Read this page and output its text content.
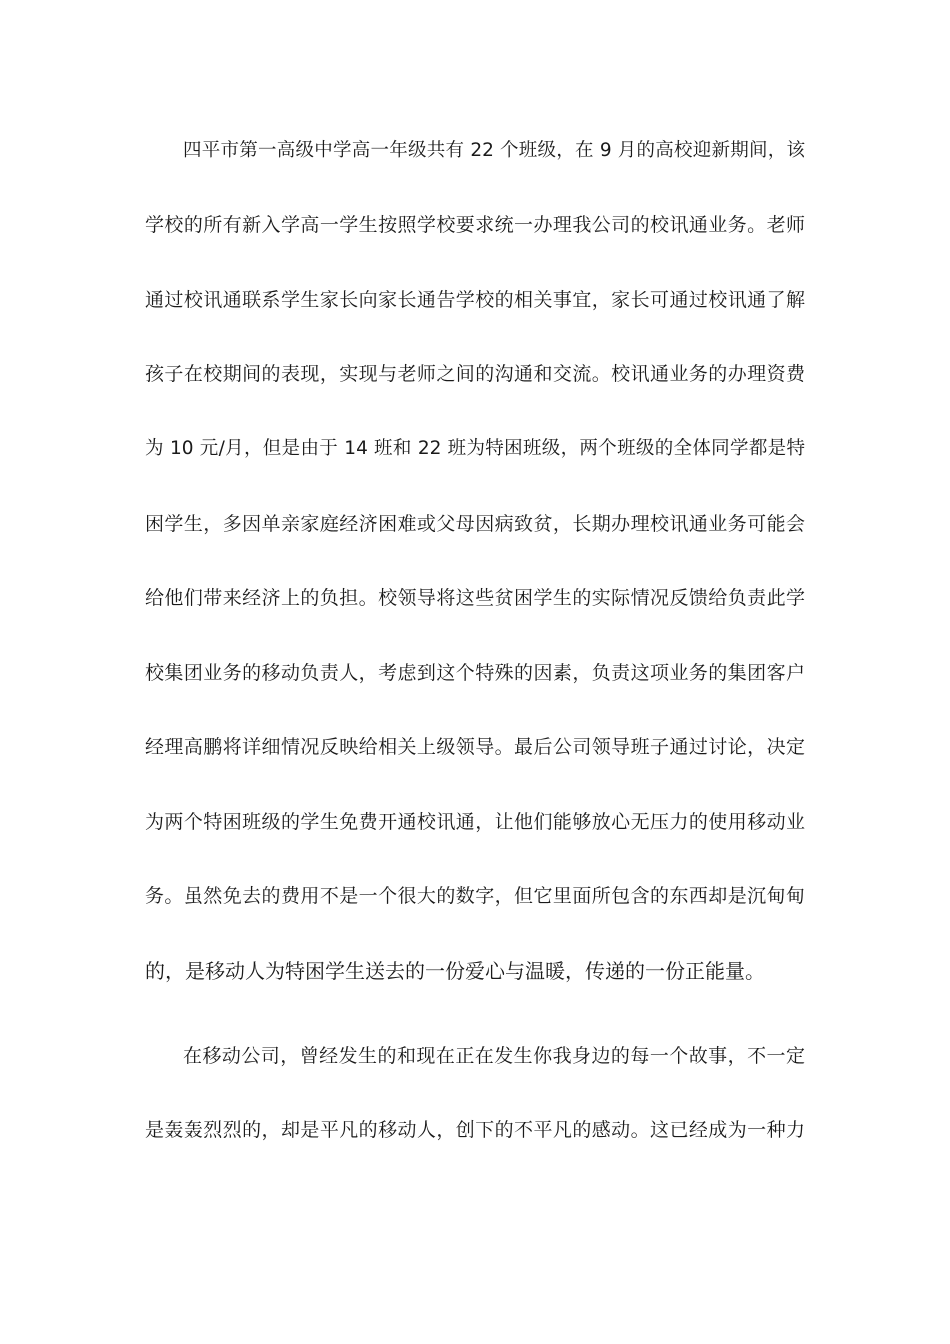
四平市第一高级中学高一年级共有 22 个班级，在 9 月的高校迎新期间，该
学校的所有新入学高一学生按照学校要求统一办理我公司的校讯通业务。老师
通过校讯通联系学生家长向家长通告学校的相关事宜，家长可通过校讯通了解
孩子在校期间的表现，实现与老师之间的沟通和交流。校讯通业务的办理资费
为 10 元/月，但是由于 14 班和 22 班为特困班级，两个班级的全体同学都是特
困学生，多因单亲家庭经济困难或父母因病致贫，长期办理校讯通业务可能会
给他们带来经济上的负担。校领导将这些贫困学生的实际情况反馈给负责此学
校集团业务的移动负责人，考虑到这个特殊的因素，负责这项业务的集团客户
经理高鹏将详细情况反映给相关上级领导。最后公司领导班子通过讨论，决定
为两个特困班级的学生免费开通校讯通，让他们能够放心无压力的使用移动业
务。虽然免去的费用不是一个很大的数字，但它里面所包含的东西却是沉甸甸
的，是移动人为特困学生送去的一份爱心与温暖，传递的一份正能量。
在移动公司，曾经发生的和现在正在发生你我身边的每一个故事，不一定
是轰轰烈烈的，却是平凡的移动人，创下的不平凡的感动。这已经成为一种力
